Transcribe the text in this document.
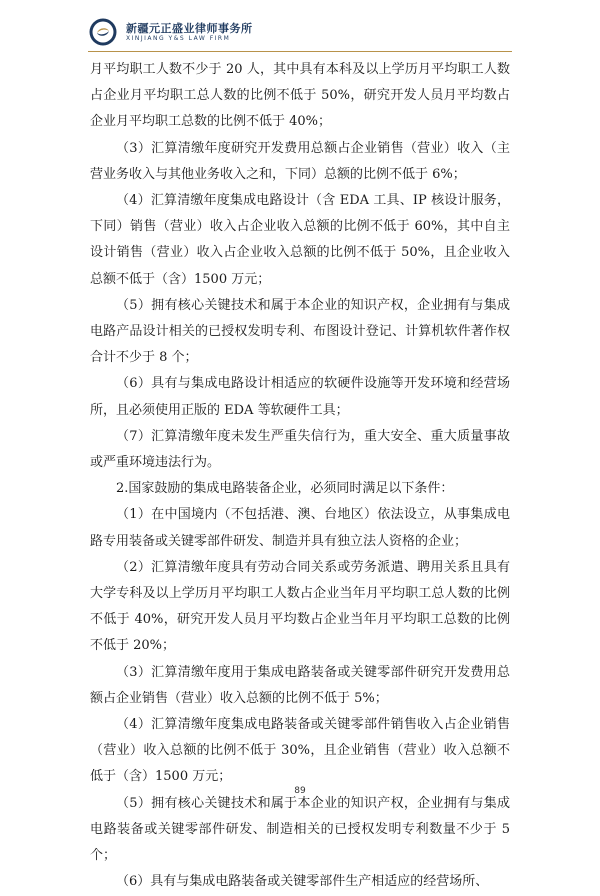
新疆元正盛业律师事务所
XINJIANG Y&S LAW FIRM

月平均职工人数不少于 20 人，其中具有本科及以上学历月平均职工人数占企业月平均职工总人数的比例不低于 50%，研究开发人员月平均数占企业月平均职工总数的比例不低于 40%；

（3）汇算清缴年度研究开发费用总额占企业销售（营业）收入（主营业务收入与其他业务收入之和，下同）总额的比例不低于 6%；

（4）汇算清缴年度集成电路设计（含 EDA 工具、IP 核设计服务，下同）销售（营业）收入占企业收入总额的比例不低于 60%，其中自主设计销售（营业）收入占企业收入总额的比例不低于 50%，且企业收入总额不低于（含）1500 万元；

（5）拥有核心关键技术和属于本企业的知识产权，企业拥有与集成电路产品设计相关的已授权发明专利、布图设计登记、计算机软件著作权合计不少于 8 个；

（6）具有与集成电路设计相适应的软硬件设施等开发环境和经营场所，且必须使用正版的 EDA 等软硬件工具；

（7）汇算清缴年度未发生严重失信行为，重大安全、重大质量事故或严重环境违法行为。

2.国家鼓励的集成电路装备企业，必须同时满足以下条件：

（1）在中国境内（不包括港、澳、台地区）依法设立，从事集成电路专用装备或关键零部件研发、制造并具有独立法人资格的企业；

（2）汇算清缴年度具有劳动合同关系或劳务派遣、聘用关系且具有大学专科及以上学历月平均职工人数占企业当年月平均职工总人数的比例不低于 40%，研究开发人员月平均数占企业当年月平均职工总数的比例不低于 20%；

（3）汇算清缴年度用于集成电路装备或关键零部件研究开发费用总额占企业销售（营业）收入总额的比例不低于 5%；

（4）汇算清缴年度集成电路装备或关键零部件销售收入占企业销售（营业）收入总额的比例不低于 30%，且企业销售（营业）收入总额不低于（含）1500 万元；

（5）拥有核心关键技术和属于本企业的知识产权，企业拥有与集成电路装备或关键零部件研发、制造相关的已授权发明专利数量不少于 5 个；

（6）具有与集成电路装备或关键零部件生产相适应的经营场所、

89
